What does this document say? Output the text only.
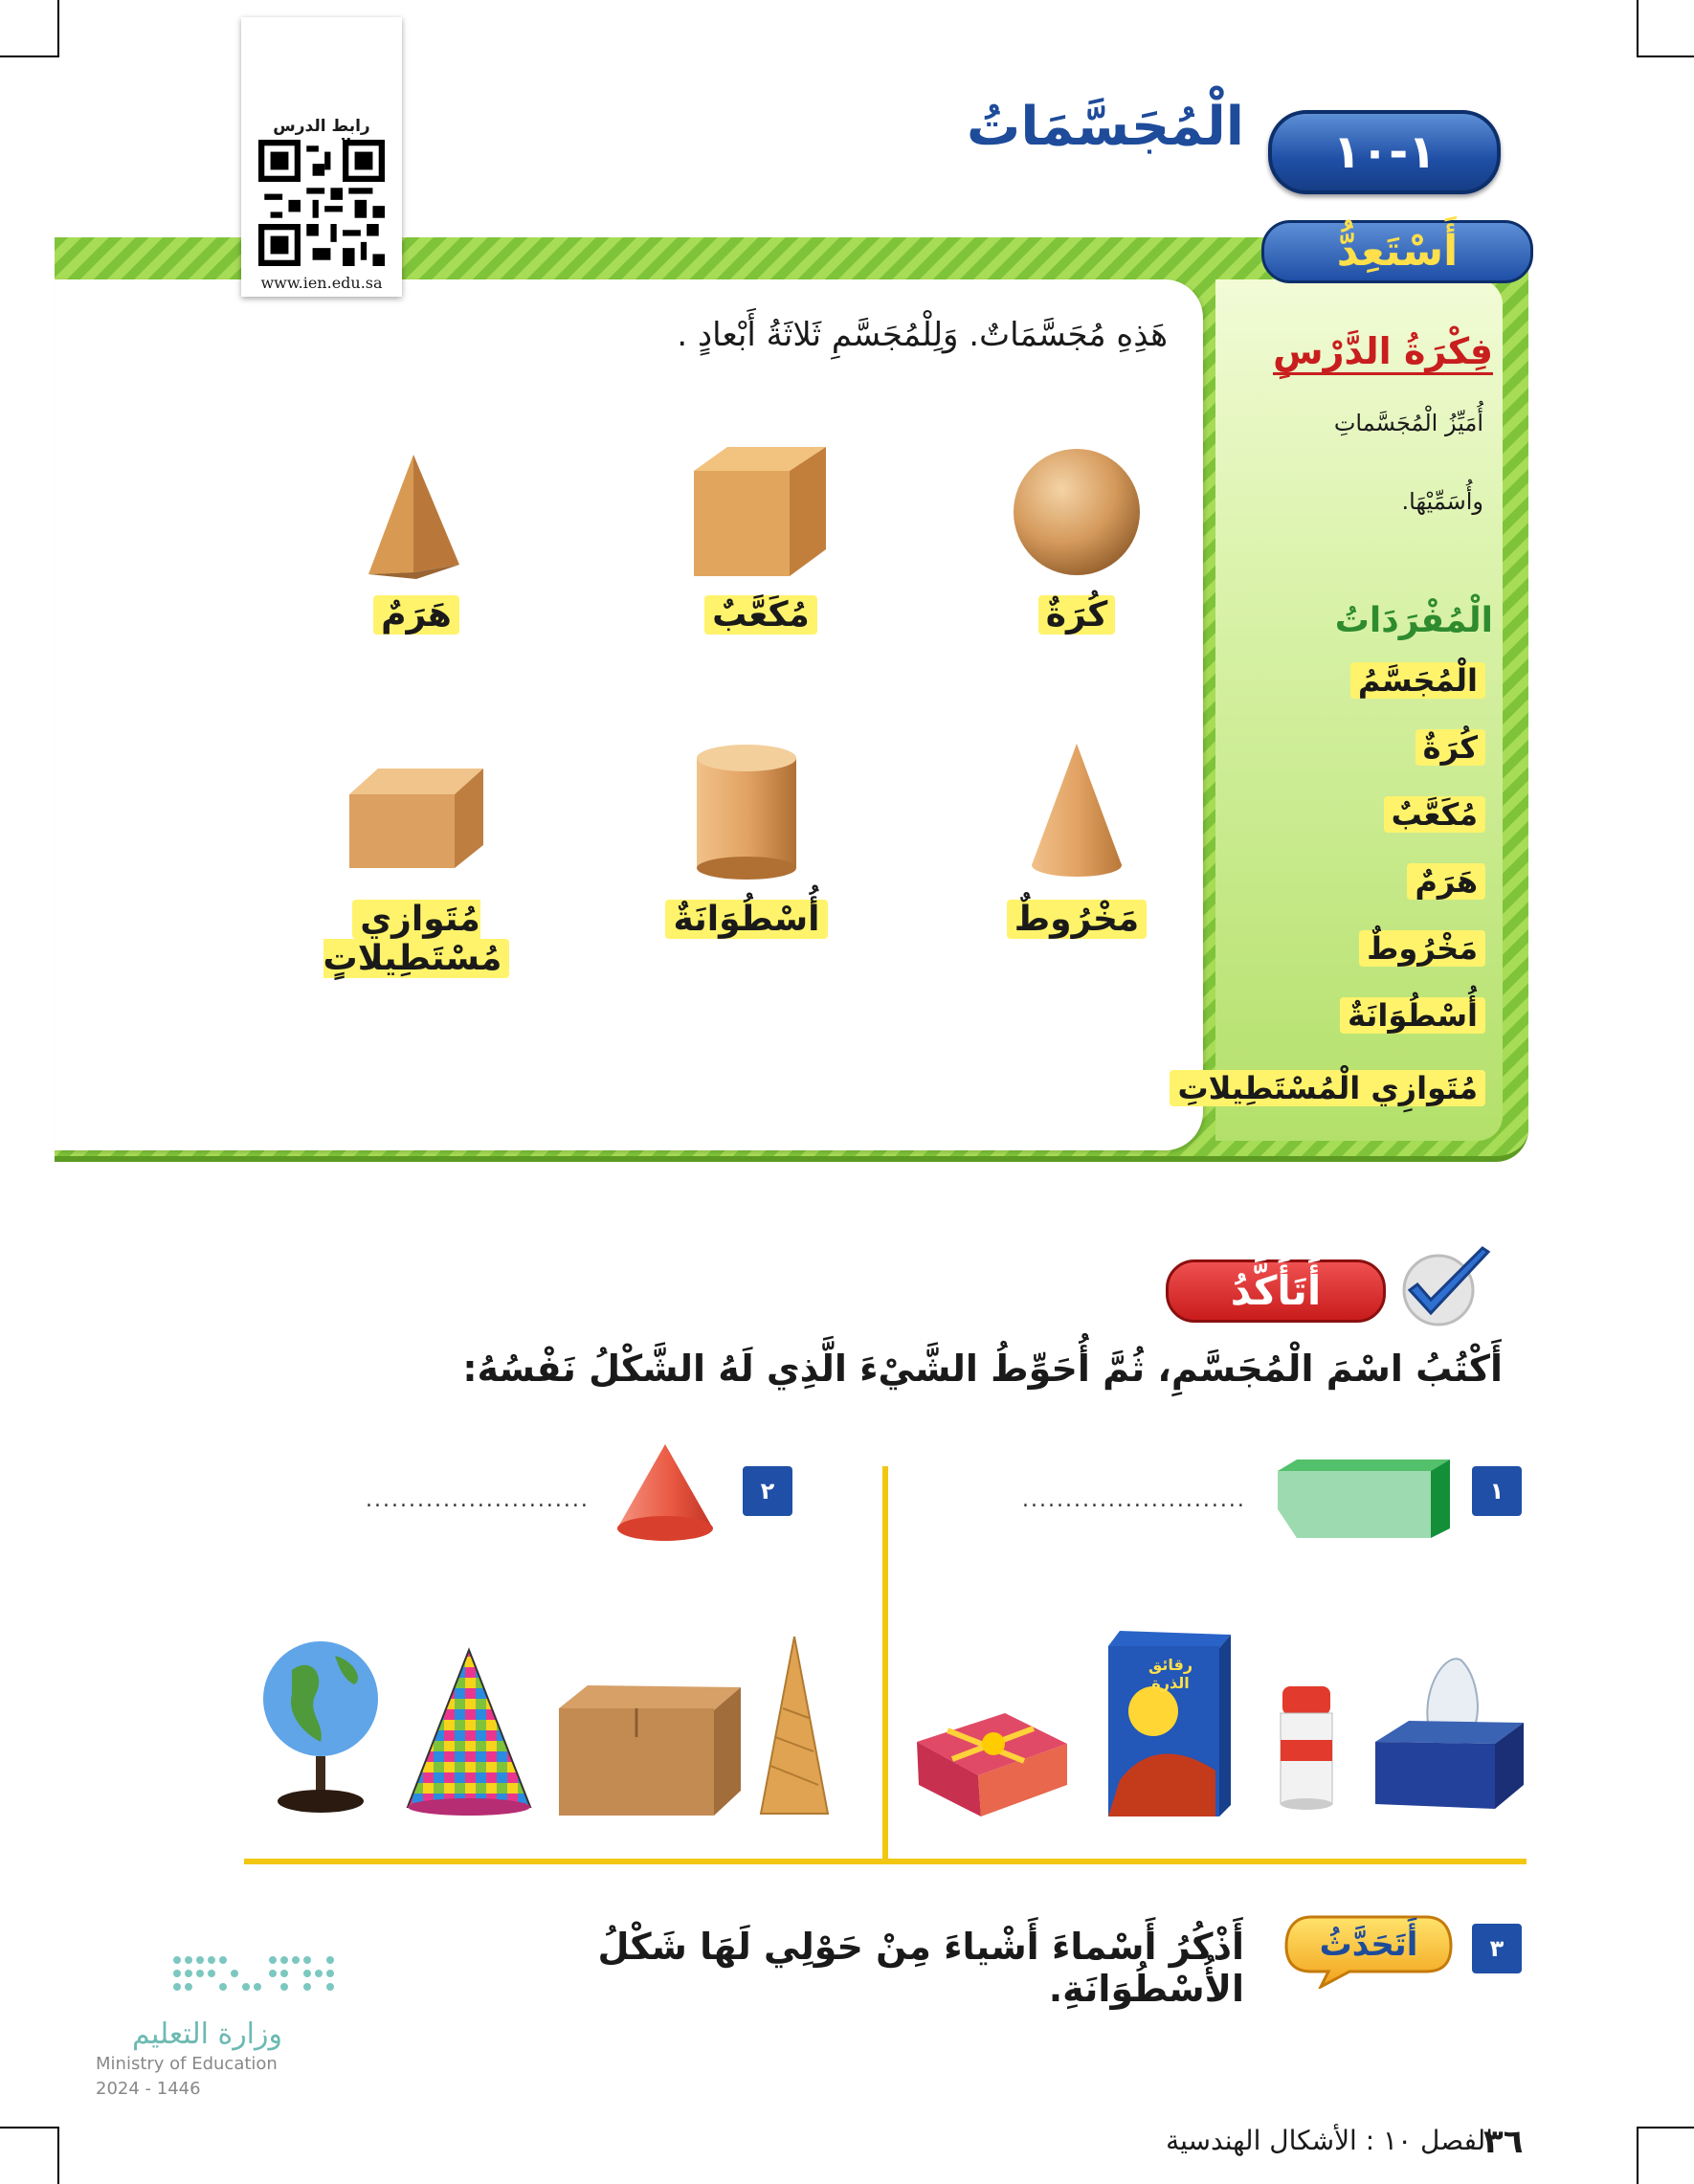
رابط الدرس
www.ien.edu.sa
١-١٠
الْمُجَسَّمَاتُ
أَسْتَعِدُّ
فِكْرَةُ الدَّرْسِ
أُمَيِّزُ الْمُجَسَّماتِ
وأُسَمِّيْهَا.
الْمُفْرَدَاتُ
الْمُجَسَّمُ
كُرَةٌ
مُكَعَّبٌ
هَرَمٌ
مَخْرُوطٌ
أُسْطُوَانَةٌ
مُتَوازِي الْمُسْتَطِيلاتِ
هَذِهِ مُجَسَّمَاتٌ. وَلِلْمُجَسَّمِ ثَلاثَةُ أَبْعادٍ .
كُرَةٌ
مُكَعَّبٌ
هَرَمٌ
مَخْرُوطٌ
أُسْطُوَانَةٌ
مُتَوازِي مُسْتَطِيلاتٍ
أَتَأَكَّدُ
أَكْتُبُ اسْمَ الْمُجَسَّمِ، ثُمَّ أُحَوِّطُ الشَّيْءَ الَّذِي لَهُ الشَّكْلُ نَفْسُهُ:
١
..........................
٢
..........................
رقائق الذرة
٣
أَتَحَدَّثُ
أَذْكُرُ أَسْماءَ أَشْياءَ مِنْ حَوْلِي لَهَا شَكْلُ الأُسْطُوَانَةِ.
وزارة التعليم
Ministry of Education
2024 - 1446
٣٦
الفصل ١٠ : الأشكال الهندسية
